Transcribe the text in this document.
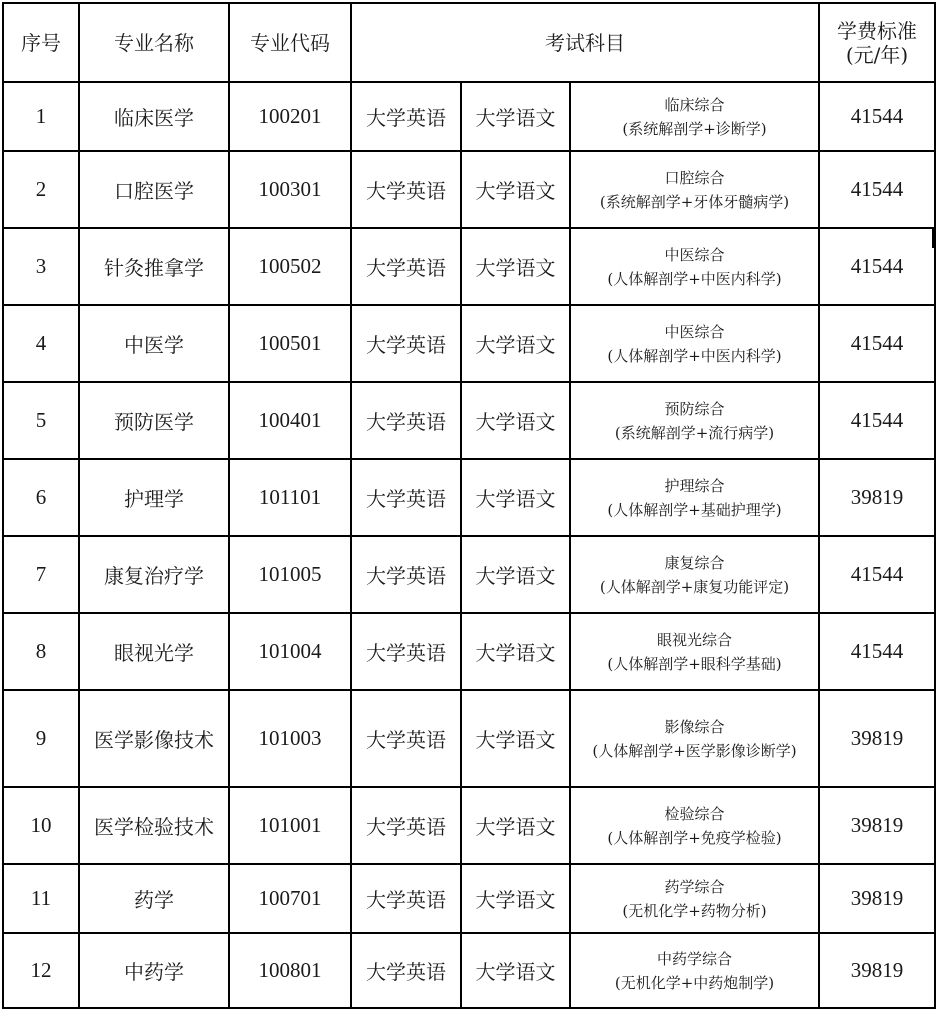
序号	专业名称	专业代码	考试科目			学费标准
(元/年)

1	临床医学	100201	大学英语	大学语文	临床综合
(系统解剖学+诊断学)	41544
2	口腔医学	100301	大学英语	大学语文	口腔综合
(系统解剖学+牙体牙髓病学)	41544
3	针灸推拿学	100502	大学英语	大学语文	中医综合
(人体解剖学+中医内科学)	41544
4	中医学	100501	大学英语	大学语文	中医综合
(人体解剖学+中医内科学)	41544
5	预防医学	100401	大学英语	大学语文	预防综合
(系统解剖学+流行病学)	41544
6	护理学	101101	大学英语	大学语文	护理综合
(人体解剖学+基础护理学)	39819
7	康复治疗学	101005	大学英语	大学语文	康复综合
(人体解剖学+康复功能评定)	41544
8	眼视光学	101004	大学英语	大学语文	眼视光综合
(人体解剖学+眼科学基础)	41544
9	医学影像技术	101003	大学英语	大学语文	影像综合
(人体解剖学+医学影像诊断学)	39819
10	医学检验技术	101001	大学英语	大学语文	检验综合
(人体解剖学+免疫学检验)	39819
11	药学	100701	大学英语	大学语文	药学综合
(无机化学+药物分析)	39819
12	中药学	100801	大学英语	大学语文	中药学综合
(无机化学+中药炮制学)	39819
